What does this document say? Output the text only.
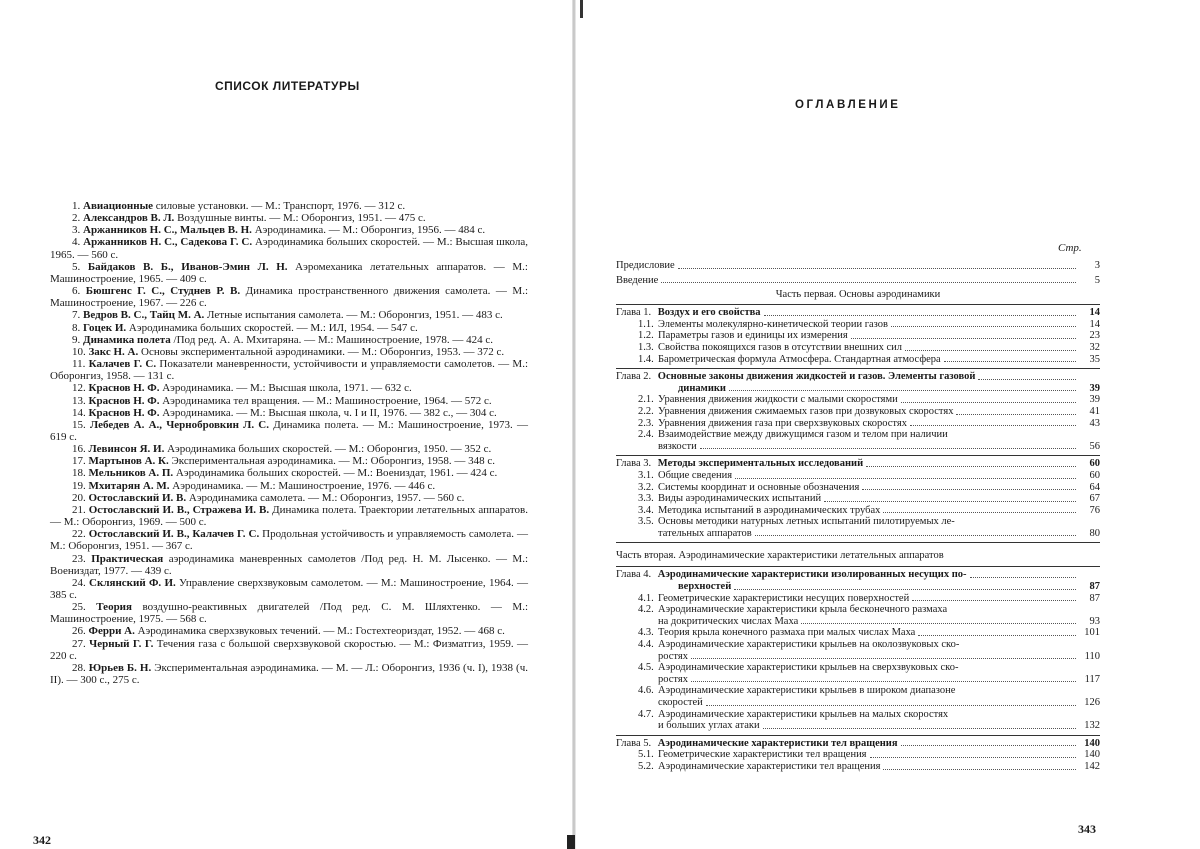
СПИСОК ЛИТЕРАТУРЫ

1. Авиационные силовые установки. — М.: Транспорт, 1976. — 312 с.

2. Александров В. Л. Воздушные винты. — М.: Оборонгиз, 1951. — 475 с.

3. Аржанников Н. С., Мальцев В. Н. Аэродинамика. — М.: Оборонгиз, 1956. — 484 с.

4. Аржанников Н. С., Садекова Г. С. Аэродинамика больших скоростей. — М.: Высшая школа, 1965. — 560 с.

5. Байдаков В. Б., Иванов-Эмин Л. Н. Аэромеханика летательных аппаратов. — М.: Машиностроение, 1965. — 409 с.

6. Бюшгенс Г. С., Студнев Р. В. Динамика пространственного движения самолета. — М.: Машиностроение, 1967. — 226 с.

7. Ведров В. С., Тайц М. А. Летные испытания самолета. — М.: Оборонгиз, 1951. — 483 с.

8. Гоцек И. Аэродинамика больших скоростей. — М.: ИЛ, 1954. — 547 с.

9. Динамика полета /Под ред. А. А. Мхитаряна. — М.: Машиностроение, 1978. — 424 с.

10. Закс Н. А. Основы экспериментальной аэродинамики. — М.: Оборонгиз, 1953. — 372 с.

11. Калачев Г. С. Показатели маневренности, устойчивости и управляемости самолетов. — М.: Оборонгиз, 1958. — 131 с.

12. Краснов Н. Ф. Аэродинамика. — М.: Высшая школа, 1971. — 632 с.

13. Краснов Н. Ф. Аэродинамика тел вращения. — М.: Машиностроение, 1964. — 572 с.

14. Краснов Н. Ф. Аэродинамика. — М.: Высшая школа, ч. I и II, 1976. — 382 с., — 304 с.

15. Лебедев А. А., Чернобровкин Л. С. Динамика полета. — М.: Машиностроение, 1973. — 619 с.

16. Левинсон Я. И. Аэродинамика больших скоростей. — М.: Оборонгиз, 1950. — 352 с.

17. Мартынов А. К. Экспериментальная аэродинамика. — М.: Оборонгиз, 1958. — 348 с.

18. Мельников А. П. Аэродинамика больших скоростей. — М.: Воениздат, 1961. — 424 с.

19. Мхитарян А. М. Аэродинамика. — М.: Машиностроение, 1976. — 446 с.

20. Остославский И. В. Аэродинамика самолета. — М.: Оборонгиз, 1957. — 560 с.

21. Остославский И. В., Стражева И. В. Динамика полета. Траектории летательных аппаратов. — М.: Оборонгиз, 1969. — 500 с.

22. Остославский И. В., Калачев Г. С. Продольная устойчивость и управляемость самолета. — М.: Оборонгиз, 1951. — 367 с.

23. Практическая аэродинамика маневренных самолетов /Под ред. Н. М. Лысенко. — М.: Воениздат, 1977. — 439 с.

24. Склянский Ф. И. Управление сверхзвуковым самолетом. — М.: Машиностроение, 1964. — 385 с.

25. Теория воздушно-реактивных двигателей /Под ред. С. М. Шляхтенко. — М.: Машиностроение, 1975. — 568 с.

26. Ферри А. Аэродинамика сверхзвуковых течений. — М.: Гостехтеориздат, 1952. — 468 с.

27. Черный Г. Г. Течения газа с большой сверхзвуковой скоростью. — М.: Физматгиз, 1959. — 220 с.

28. Юрьев Б. Н. Экспериментальная аэродинамика. — М. — Л.: Оборонгиз, 1936 (ч. I), 1938 (ч. II). — 300 с., 275 с.

342
ОГЛАВЛЕНИЕ
Стр.
Предисловие	3
Введение	5
Часть первая. Основы аэродинамики
Глава 1. Воздух и его свойства	14
1.1. Элементы молекулярно-кинетической теории газов	14
1.2. Параметры газов и единицы их измерения	23
1.3. Свойства покоящихся газов в отсутствии внешних сил	32
1.4. Барометрическая формула Атмосфера. Стандартная атмосфера	35
Глава 2. Основные законы движения жидкостей и газов. Элементы газовой
динамики	39
2.1. Уравнения движения жидкости с малыми скоростями	39
2.2. Уравнения движения сжимаемых газов при дозвуковых скоростях	41
2.3. Уравнения движения газа при сверхзвуковых скоростях	43
2.4. Взаимодействие между движущимся газом и телом при наличии
вязкости	56
Глава 3. Методы экспериментальных исследований	60
3.1. Общие сведения	60
3.2. Системы координат и основные обозначения	64
3.3. Виды аэродинамических испытаний	67
3.4. Методика испытаний в аэродинамических трубах	76
3.5. Основы методики натурных летных испытаний пилотируемых ле-
тательных аппаратов	80
Часть вторая. Аэродинамические характеристики летательных аппаратов
Глава 4. Аэродинамические характеристики изолированных несущих по-
верхностей	87
4.1. Геометрические характеристики несущих поверхностей	87
4.2. Аэродинамические характеристики крыла бесконечного размаха
на докритических числах Маха	93
4.3. Теория крыла конечного размаха при малых числах Маха	101
4.4. Аэродинамические характеристики крыльев на околозвуковых ско-
ростях	110
4.5. Аэродинамические характеристики крыльев на сверхзвуковых ско-
ростях	117
4.6. Аэродинамические характеристики крыльев в широком диапазоне
скоростей	126
4.7. Аэродинамические характеристики крыльев на малых скоростях
и больших углах атаки	132
Глава 5. Аэродинамические характеристики тел вращения	140
5.1. Геометрические характеристики тел вращения	140
5.2. Аэродинамические характеристики тел вращения	142
343
